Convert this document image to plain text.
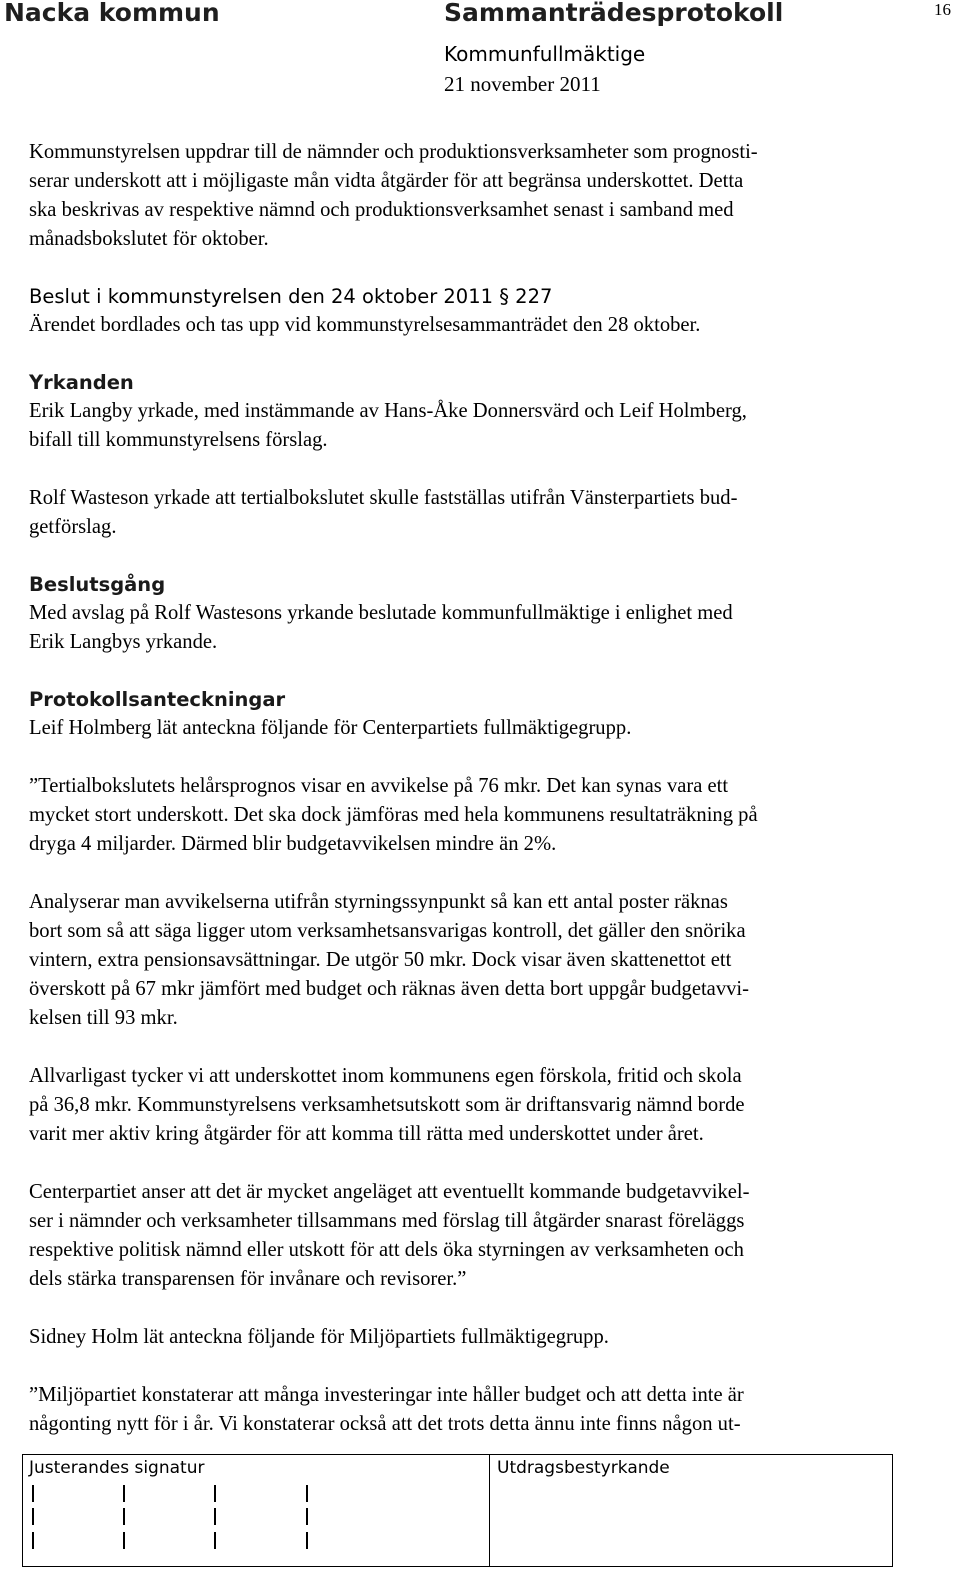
Nacka kommun	Sammanträdesprotokoll	16
Kommunfullmäktige
21 november 2011

Kommunstyrelsen uppdrar till de nämnder och produktionsverksamheter som prognosti-

serar underskott att i möjligaste mån vidta åtgärder för att begränsa underskottet. Detta

ska beskrivas av respektive nämnd och produktionsverksamhet senast i samband med

månadsbokslutet för oktober.

Beslut i kommunstyrelsen den 24 oktober 2011 § 227

Ärendet bordlades och tas upp vid kommunstyrelsesammanträdet den 28 oktober.

Yrkanden

Erik Langby yrkade, med instämmande av Hans-Åke Donnersvärd och Leif Holmberg,

bifall till kommunstyrelsens förslag.

Rolf Wasteson yrkade att tertialbokslutet skulle fastställas utifrån Vänsterpartiets bud-

getförslag.

Beslutsgång

Med avslag på Rolf Wastesons yrkande beslutade kommunfullmäktige i enlighet med

Erik Langbys yrkande.

Protokollsanteckningar

Leif Holmberg lät anteckna följande för Centerpartiets fullmäktigegrupp.

”Tertialbokslutets helårsprognos visar en avvikelse på 76 mkr. Det kan synas vara ett

mycket stort underskott. Det ska dock jämföras med hela kommunens resultaträkning på

dryga 4 miljarder. Därmed blir budgetavvikelsen mindre än 2%.

Analyserar man avvikelserna utifrån styrningssynpunkt så kan ett antal poster räknas

bort som så att säga ligger utom verksamhetsansvarigas kontroll, det gäller den snörika

vintern, extra pensionsavsättningar. De utgör 50 mkr. Dock visar även skattenettot ett

överskott på 67 mkr jämfört med budget och räknas även detta bort uppgår budgetavvi-

kelsen till 93 mkr.

Allvarligast tycker vi att underskottet inom kommunens egen förskola, fritid och skola

på 36,8 mkr. Kommunstyrelsens verksamhetsutskott som är driftansvarig nämnd borde

varit mer aktiv kring åtgärder för att komma till rätta med underskottet under året.

Centerpartiet anser att det är mycket angeläget att eventuellt kommande budgetavvikel-

ser i nämnder och verksamheter tillsammans med förslag till åtgärder snarast föreläggs

respektive politisk nämnd eller utskott för att dels öka styrningen av verksamheten och

dels stärka transparensen för invånare och revisorer.”

Sidney Holm lät anteckna följande för Miljöpartiets fullmäktigegrupp.

”Miljöpartiet konstaterar att många investeringar inte håller budget och att detta inte är

någonting nytt för i år. Vi konstaterar också att det trots detta ännu inte finns någon ut-

Justerandes signatur	Utdragsbestyrkande
